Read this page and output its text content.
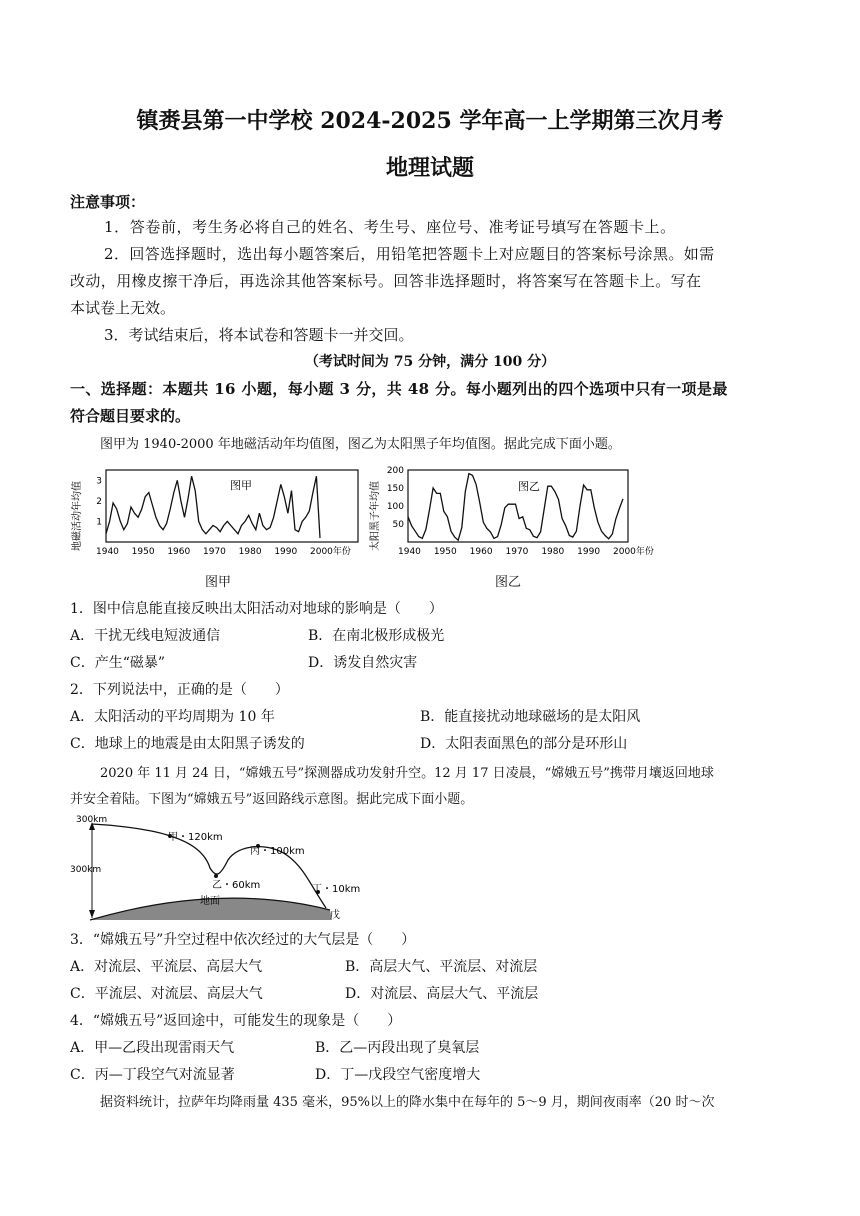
镇赉县第一中学校 2024-2025 学年高一上学期第三次月考
地理试题
注意事项：
1．答卷前，考生务必将自己的姓名、考生号、座位号、准考证号填写在答题卡上。
2．回答选择题时，选出每小题答案后，用铅笔把答题卡上对应题目的答案标号涂黑。如需
改动，用橡皮擦干净后，再选涂其他答案标号。回答非选择题时，将答案写在答题卡上。写在
本试卷上无效。
3．考试结束后，将本试卷和答题卡一并交回。
（考试时间为 75 分钟，满分 100 分）
一、选择题：本题共 16 小题，每小题 3 分，共 48 分。每小题列出的四个选项中只有一项是最
符合题目要求的。
图甲为 1940-2000 年地磁活动年均值图，图乙为太阳黑子年均值图。据此完成下面小题。
地磁活动年均值 1
2
3	图甲
1940 1950 1960 1970 1980 1990 2000年份
太阳黑子年均值 50
100
150
200
图乙
1940 1950 1960 1970 1980 1990 2000年份
图甲	图乙
1．图中信息能直接反映出太阳活动对地球的影响是（　　）
A．干扰无线电短波通信	B．在南北极形成极光
C．产生“磁暴”	D．诱发自然灾害
2．下列说法中，正确的是（　　）
A．太阳活动的平均周期为 10 年	B．能直接扰动地球磁场的是太阳风
C．地球上的地震是由太阳黑子诱发的	D．太阳表面黑色的部分是环形山
2020 年 11 月 24 日，“嫦娥五号”探测器成功发射升空。12 月 17 日凌晨，“嫦娥五号”携带月壤返回地球
并安全着陆。下图为“嫦娥五号”返回路线示意图。据此完成下面小题。
300km
300km
甲・120km
乙・60km
丙・100km
丁・10km
戊
地面
3．“嫦娥五号”升空过程中依次经过的大气层是（　　）
A．对流层、平流层、高层大气	B．高层大气、平流层、对流层
C．平流层、对流层、高层大气	D．对流层、高层大气、平流层
4．“嫦娥五号”返回途中，可能发生的现象是（　　）
A．甲—乙段出现雷雨天气	B．乙—丙段出现了臭氧层
C．丙—丁段空气对流显著	D．丁—戊段空气密度增大
据资料统计，拉萨年均降雨量 435 毫米，95%以上的降水集中在每年的 5～9 月，期间夜雨率（20 时～次
